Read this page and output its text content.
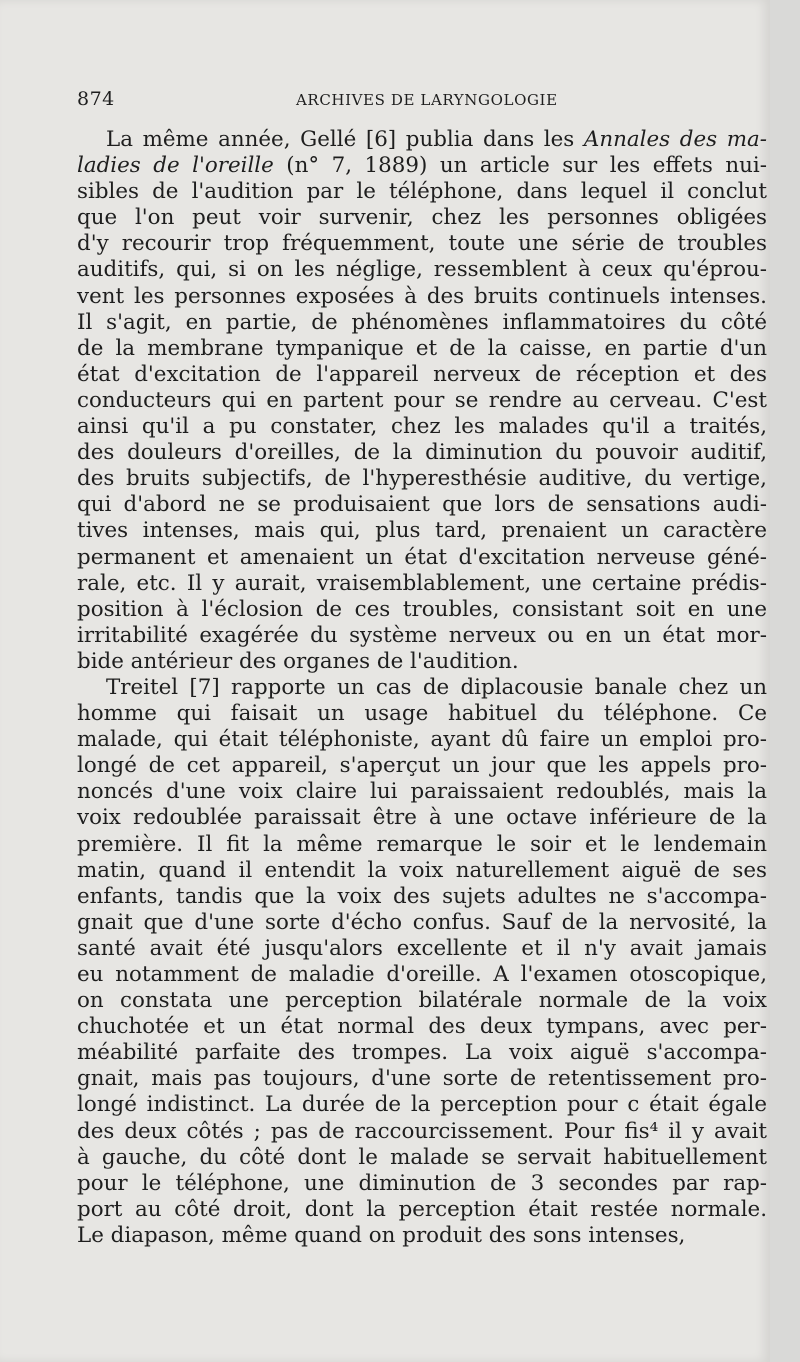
874	ARCHIVES DE LARYNGOLOGIE
La même année, Gellé [6] publia dans les Annales des ma-
ladies de l'oreille (n° 7, 1889) un article sur les effets nui-
sibles de l'audition par le téléphone, dans lequel il conclut
que l'on peut voir survenir, chez les personnes obligées
d'y recourir trop fréquemment, toute une série de troubles
auditifs, qui, si on les néglige, ressemblent à ceux qu'éprou-
vent les personnes exposées à des bruits continuels intenses.
Il s'agit, en partie, de phénomènes inflammatoires du côté
de la membrane tympanique et de la caisse, en partie d'un
état d'excitation de l'appareil nerveux de réception et des
conducteurs qui en partent pour se rendre au cerveau. C'est
ainsi qu'il a pu constater, chez les malades qu'il a traités,
des douleurs d'oreilles, de la diminution du pouvoir auditif,
des bruits subjectifs, de l'hyperesthésie auditive, du vertige,
qui d'abord ne se produisaient que lors de sensations audi-
tives intenses, mais qui, plus tard, prenaient un caractère
permanent et amenaient un état d'excitation nerveuse géné-
rale, etc. Il y aurait, vraisemblablement, une certaine prédis-
position à l'éclosion de ces troubles, consistant soit en une
irritabilité exagérée du système nerveux ou en un état mor-
bide antérieur des organes de l'audition.
Treitel [7] rapporte un cas de diplacousie banale chez un
homme qui faisait un usage habituel du téléphone. Ce
malade, qui était téléphoniste, ayant dû faire un emploi pro-
longé de cet appareil, s'aperçut un jour que les appels pro-
noncés d'une voix claire lui paraissaient redoublés, mais la
voix redoublée paraissait être à une octave inférieure de la
première. Il fit la même remarque le soir et le lendemain
matin, quand il entendit la voix naturellement aiguë de ses
enfants, tandis que la voix des sujets adultes ne s'accompa-
gnait que d'une sorte d'écho confus. Sauf de la nervosité, la
santé avait été jusqu'alors excellente et il n'y avait jamais
eu notamment de maladie d'oreille. A l'examen otoscopique,
on constata une perception bilatérale normale de la voix
chuchotée et un état normal des deux tympans, avec per-
méabilité parfaite des trompes. La voix aiguë s'accompa-
gnait, mais pas toujours, d'une sorte de retentissement pro-
longé indistinct. La durée de la perception pour c était égale
des deux côtés ; pas de raccourcissement. Pour fis⁴ il y avait
à gauche, du côté dont le malade se servait habituellement
pour le téléphone, une diminution de 3 secondes par rap-
port au côté droit, dont la perception était restée normale.
Le diapason, même quand on produit des sons intenses,
